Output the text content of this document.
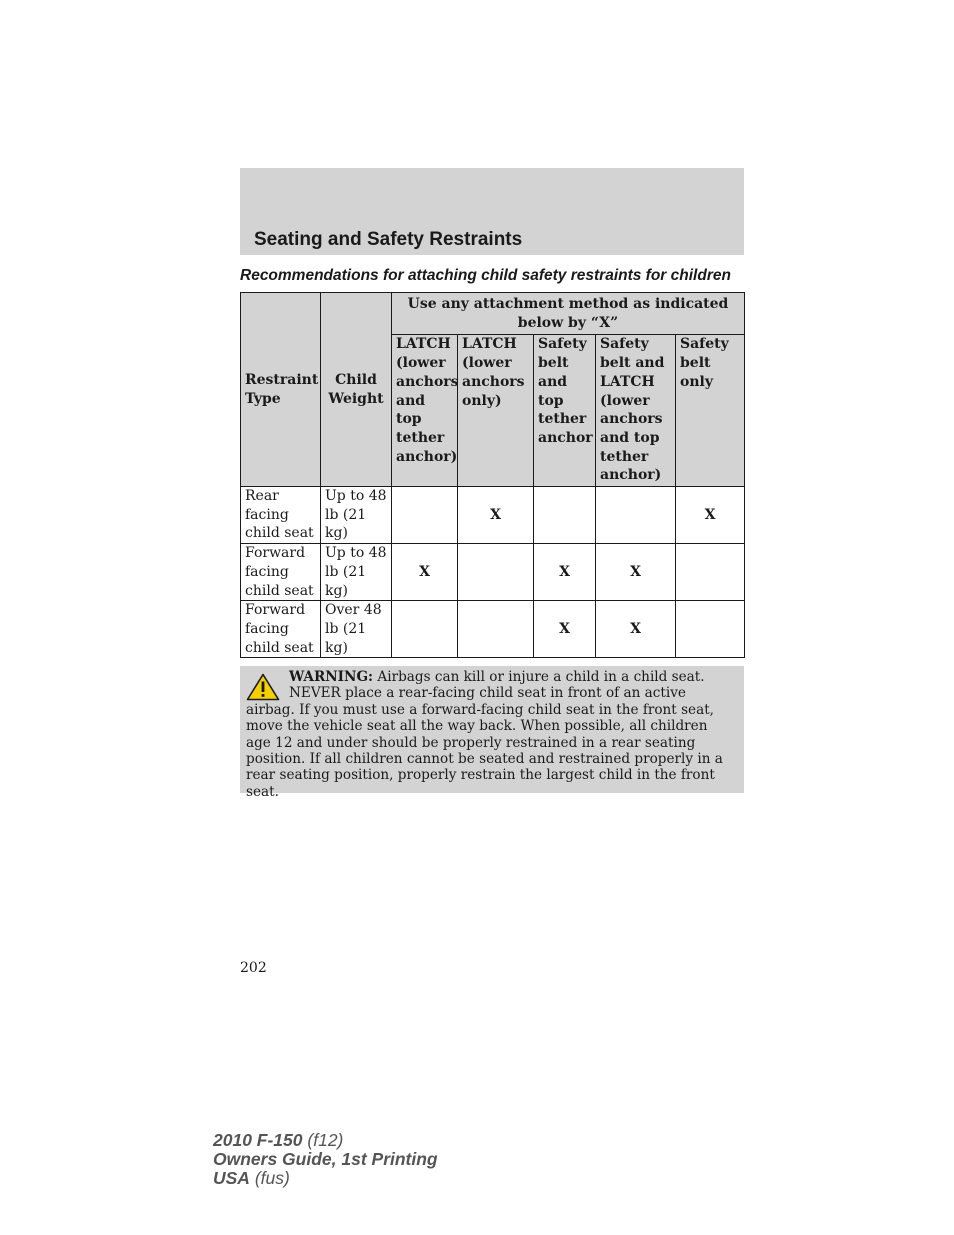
Seating and Safety Restraints
Recommendations for attaching child safety restraints for children
Restraint Type	Child Weight	Use any attachment method as indicated below by “X”				
		LATCH (lower anchors and top tether anchor)	LATCH (lower anchors only)	Safety belt and top tether anchor	Safety belt and LATCH (lower anchors and top tether anchor)	Safety belt only
Rear facing child seat	Up to 48 lb (21 kg)		X			X
Forward facing child seat	Up to 48 lb (21 kg)	X		X	X	
Forward facing child seat	Over 48 lb (21 kg)			X	X	
WARNING: Airbags can kill or injure a child in a child seat. NEVER place a rear-facing child seat in front of an active airbag. If you must use a forward-facing child seat in the front seat, move the vehicle seat all the way back. When possible, all children age 12 and under should be properly restrained in a rear seating position. If all children cannot be seated and restrained properly in a rear seating position, properly restrain the largest child in the front seat.
202
2010 F-150 (f12)
Owners Guide, 1st Printing
USA (fus)
